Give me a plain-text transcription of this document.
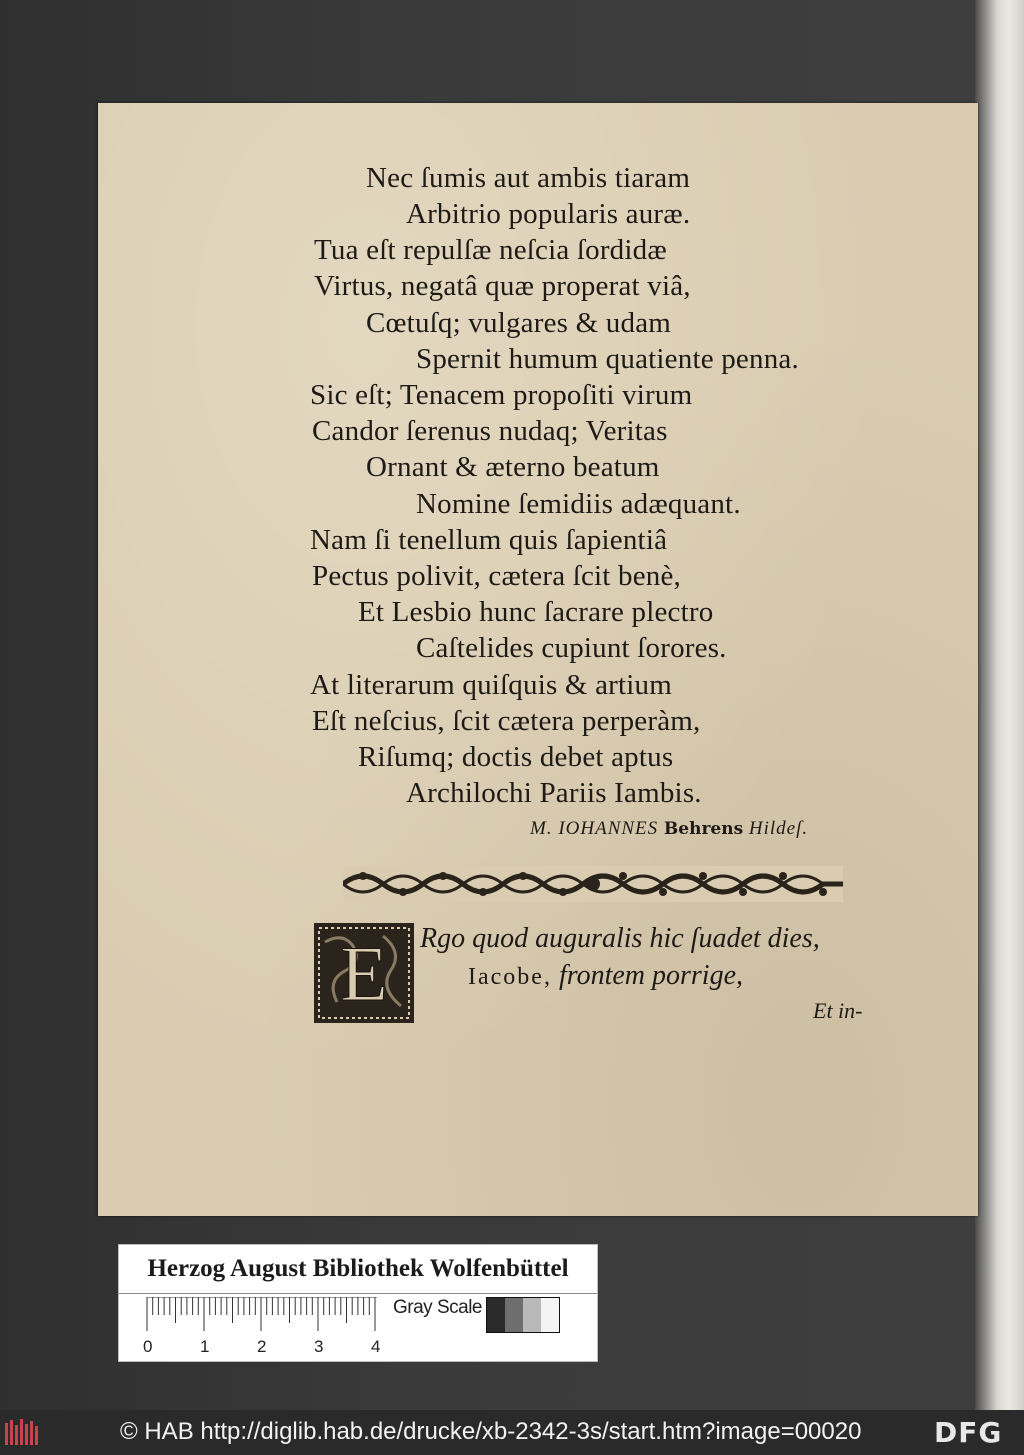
Nec ſumis aut ambis tiaram
Arbitrio popularis auræ.
Tua eſt repulſæ neſcia ſordidæ
Virtus, negatâ quæ properat viâ,
Cœtuſq; vulgares & udam
Spernit humum quatiente penna.
Sic eſt; Tenacem propoſiti virum
Candor ſerenus nudaq; Veritas
Ornant & æterno beatum
Nomine ſemidiis adæquant.
Nam ſi tenellum quis ſapientiâ
Pectus polivit, cætera ſcit benè,
Et Lesbio hunc ſacrare plectro
Caſtelides cupiunt ſorores.
At literarum quiſquis & artium
Eſt neſcius, ſcit cætera perperàm,
Riſumq; doctis debet aptus
Archilochi Pariis Iambis.
M. IOHANNES Behrens Hildeſ.
E Rgo quod auguralis hic ſuadet dies,
Iacobe, frontem porrige,
Et in-
Herzog August Bibliothek Wolfenbüttel
0	1	2	3	4
Gray Scale
© HAB http://diglib.hab.de/drucke/xb-2342-3s/start.htm?image=00020	DFG
